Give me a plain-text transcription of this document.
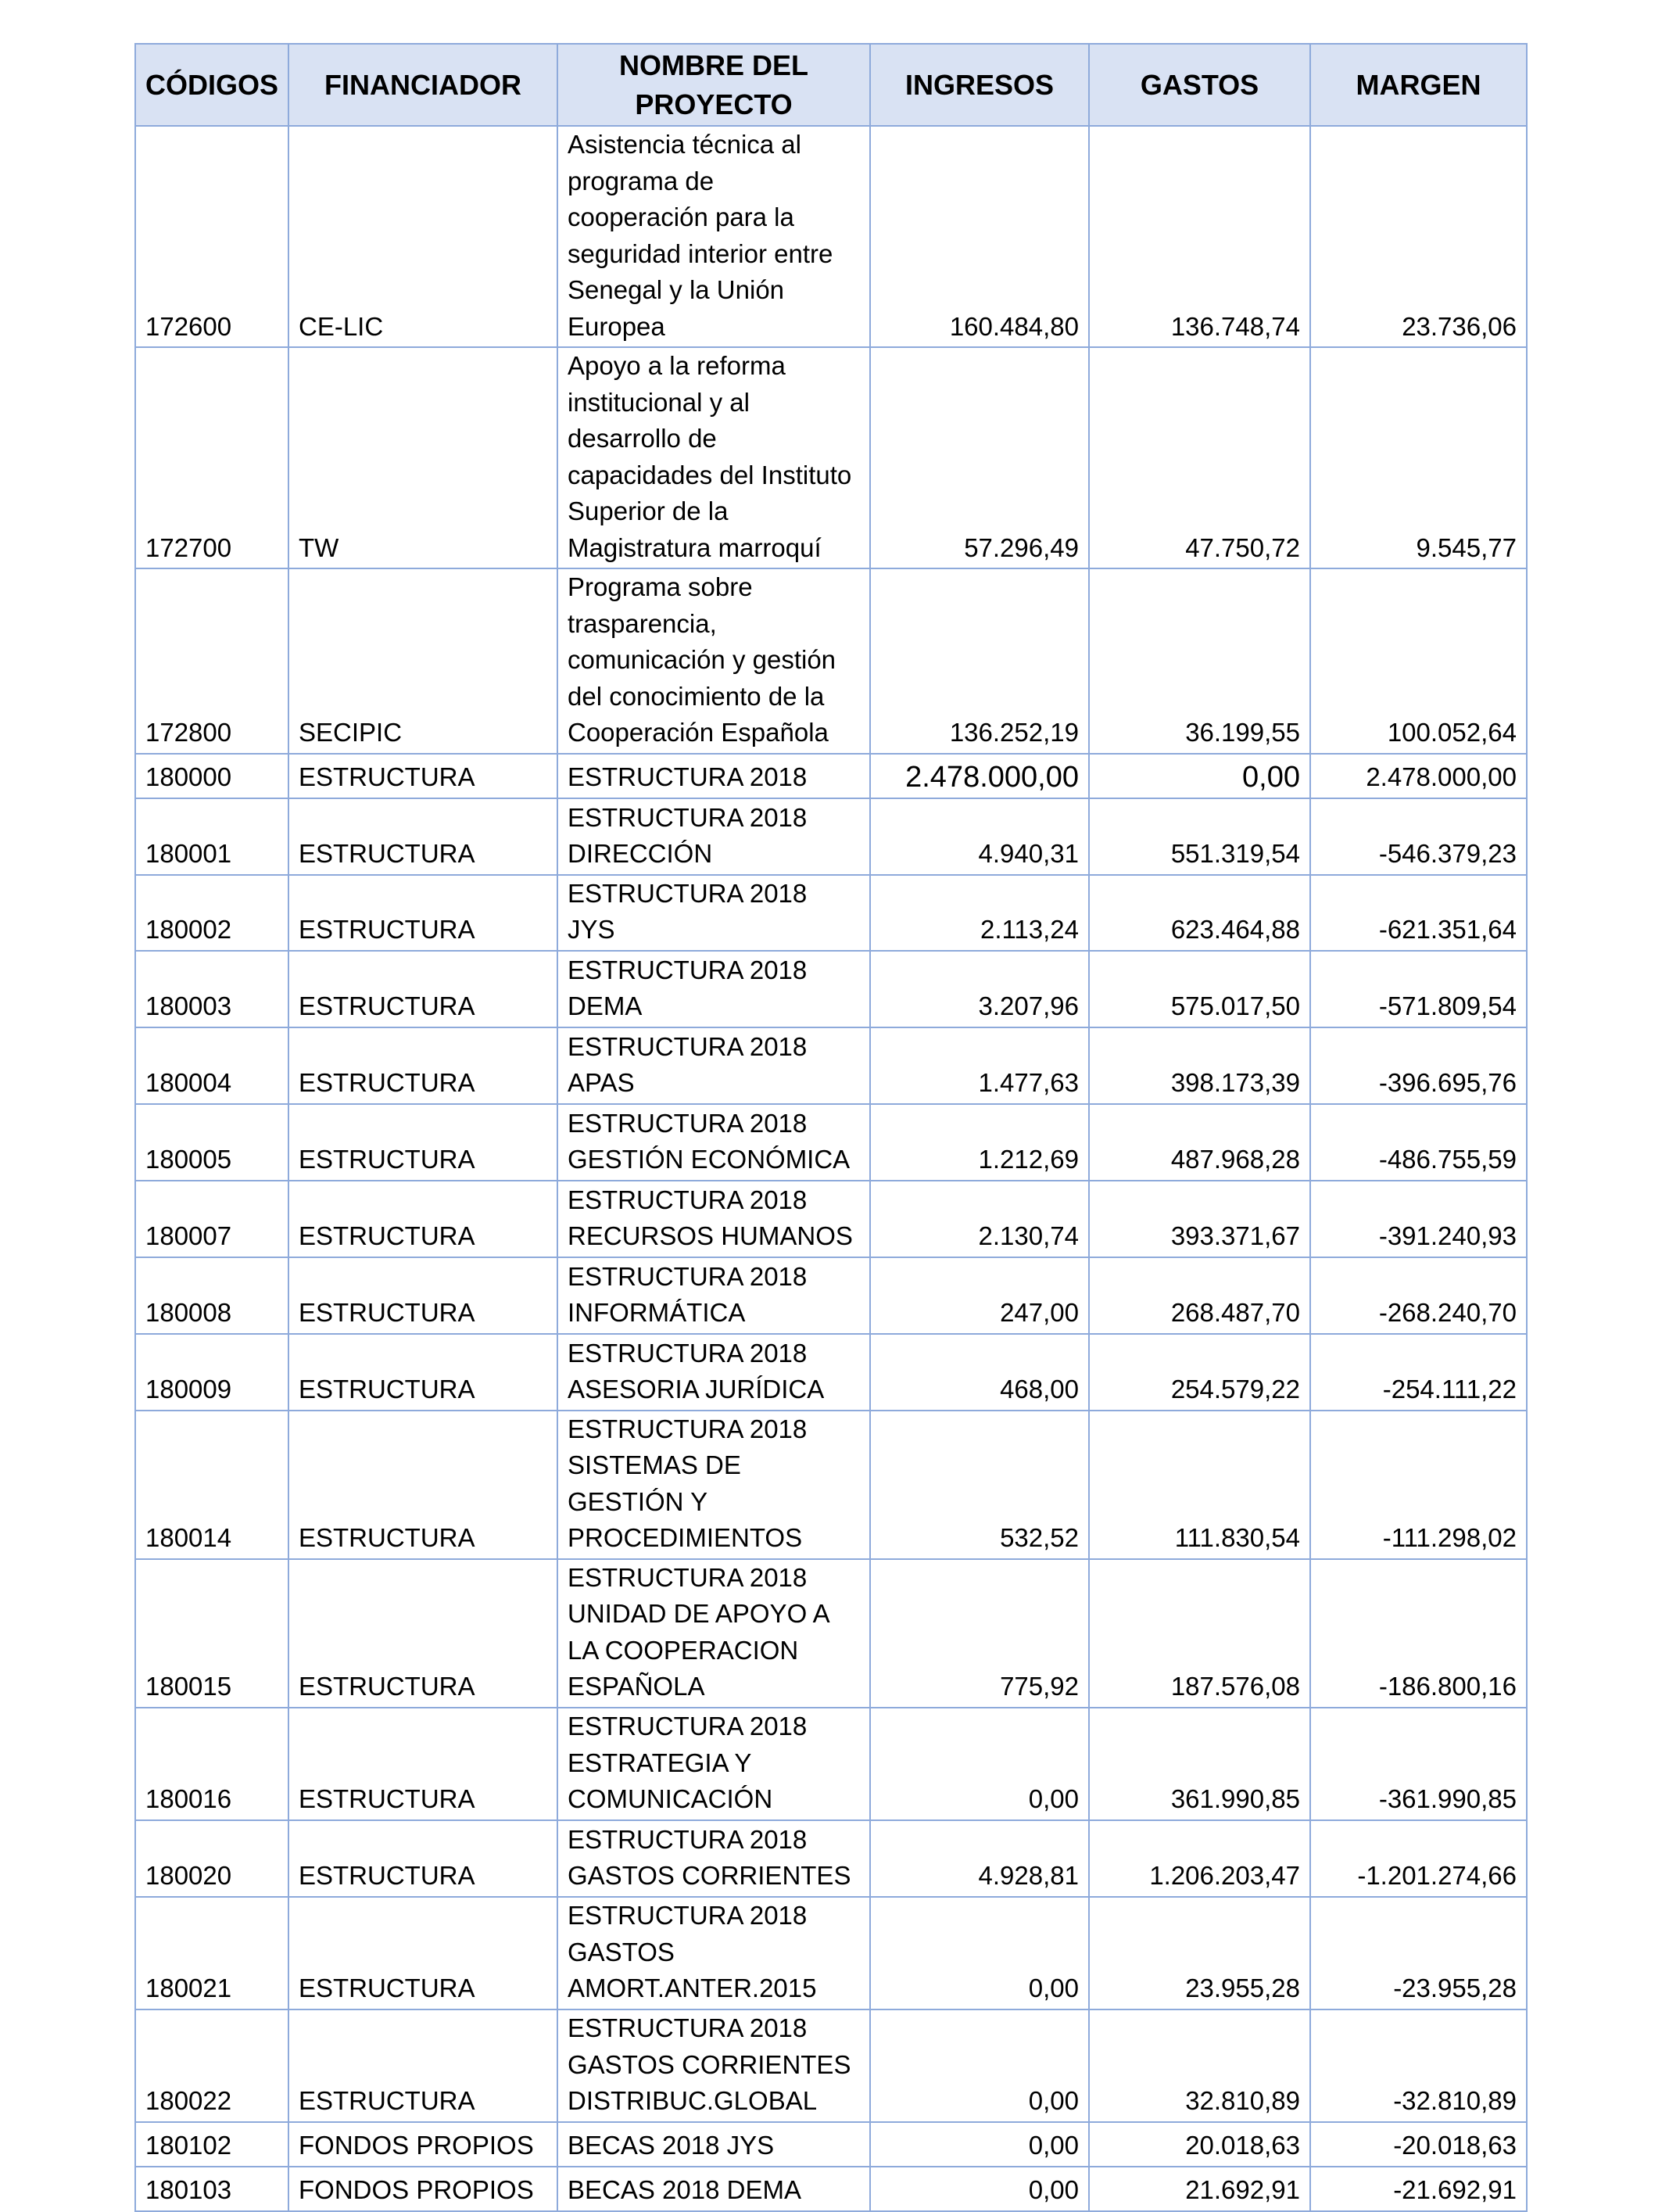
CÓDIGOS	FINANCIADOR	NOMBRE DEL PROYECTO	INGRESOS	GASTOS	MARGEN
172600	CE-LIC	Asistencia técnica al programa de cooperación para la seguridad interior entre Senegal y la Unión Europea	160.484,80	136.748,74	23.736,06
172700	TW	Apoyo a la reforma institucional y al desarrollo de capacidades del Instituto Superior de la Magistratura marroquí	57.296,49	47.750,72	9.545,77
172800	SECIPIC	Programa sobre trasparencia, comunicación y gestión del conocimiento de la Cooperación Española	136.252,19	36.199,55	100.052,64
180000	ESTRUCTURA	ESTRUCTURA 2018	2.478.000,00	0,00	2.478.000,00
180001	ESTRUCTURA	ESTRUCTURA 2018 DIRECCIÓN	4.940,31	551.319,54	-546.379,23
180002	ESTRUCTURA	ESTRUCTURA 2018 JYS	2.113,24	623.464,88	-621.351,64
180003	ESTRUCTURA	ESTRUCTURA 2018 DEMA	3.207,96	575.017,50	-571.809,54
180004	ESTRUCTURA	ESTRUCTURA 2018 APAS	1.477,63	398.173,39	-396.695,76
180005	ESTRUCTURA	ESTRUCTURA 2018 GESTIÓN ECONÓMICA	1.212,69	487.968,28	-486.755,59
180007	ESTRUCTURA	ESTRUCTURA 2018 RECURSOS HUMANOS	2.130,74	393.371,67	-391.240,93
180008	ESTRUCTURA	ESTRUCTURA 2018 INFORMÁTICA	247,00	268.487,70	-268.240,70
180009	ESTRUCTURA	ESTRUCTURA 2018 ASESORIA JURÍDICA	468,00	254.579,22	-254.111,22
180014	ESTRUCTURA	ESTRUCTURA 2018 SISTEMAS DE GESTIÓN Y PROCEDIMIENTOS	532,52	111.830,54	-111.298,02
180015	ESTRUCTURA	ESTRUCTURA 2018 UNIDAD DE APOYO A LA COOPERACION ESPAÑOLA	775,92	187.576,08	-186.800,16
180016	ESTRUCTURA	ESTRUCTURA 2018 ESTRATEGIA Y COMUNICACIÓN	0,00	361.990,85	-361.990,85
180020	ESTRUCTURA	ESTRUCTURA 2018 GASTOS CORRIENTES	4.928,81	1.206.203,47	-1.201.274,66
180021	ESTRUCTURA	ESTRUCTURA 2018 GASTOS AMORT.ANTER.2015	0,00	23.955,28	-23.955,28
180022	ESTRUCTURA	ESTRUCTURA 2018 GASTOS CORRIENTES DISTRIBUC.GLOBAL	0,00	32.810,89	-32.810,89
180102	FONDOS PROPIOS	BECAS 2018 JYS	0,00	20.018,63	-20.018,63
180103	FONDOS PROPIOS	BECAS 2018 DEMA	0,00	21.692,91	-21.692,91
